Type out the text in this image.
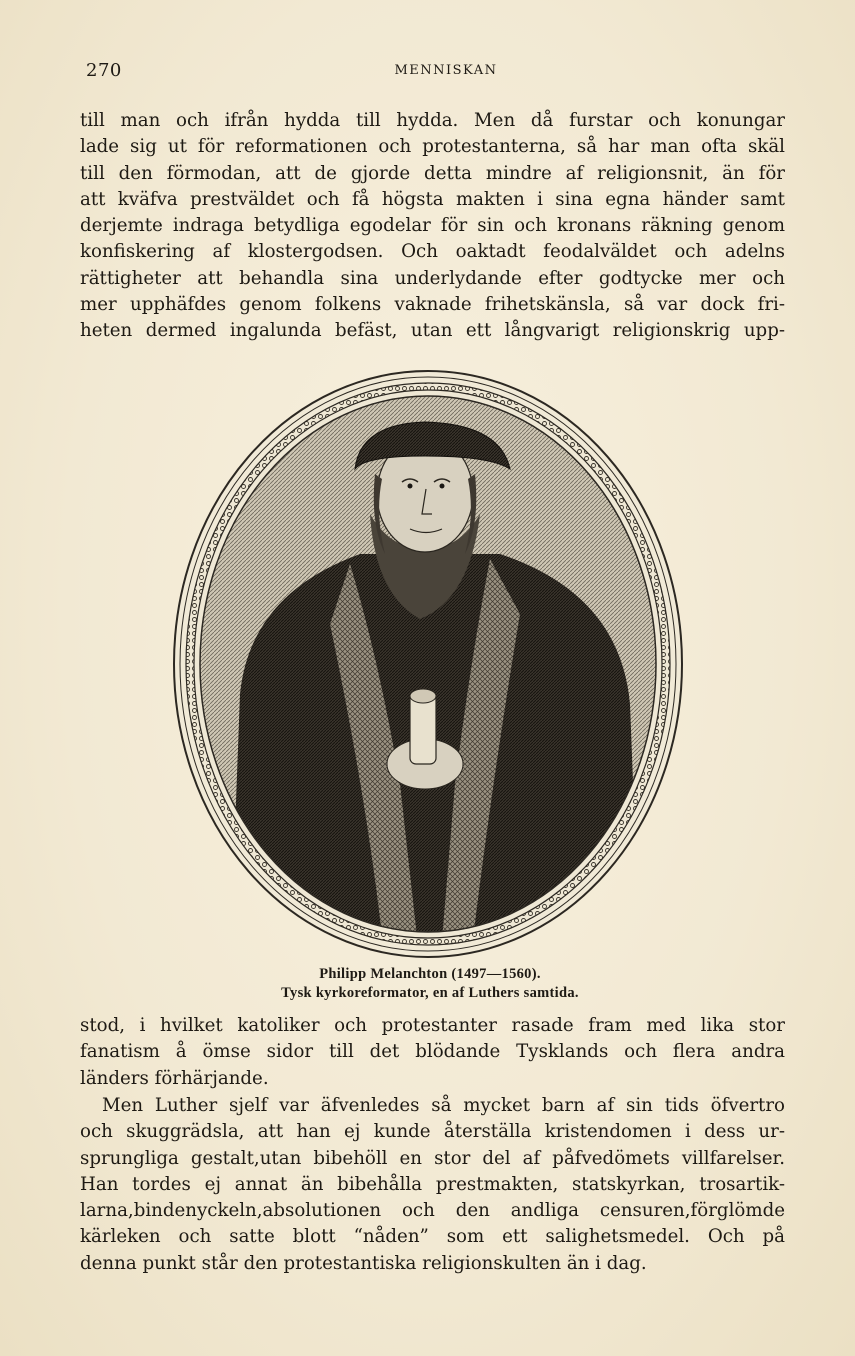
270	MENNISKAN
till man och ifrån hydda till hydda. Men då furstar och konungar
lade sig ut för reformationen och protestanterna, så har man ofta skäl
till den förmodan, att de gjorde detta mindre af religionsnit, än för
att kväfva prestväldet och få högsta makten i sina egna händer samt
derjemte indraga betydliga egodelar för sin och kronans räkning genom
konfiskering af klostergodsen. Och oaktadt feodalväldet och adelns
rättigheter att behandla sina underlydande efter godtycke mer och
mer upphäfdes genom folkens vaknade frihetskänsla, så var dock fri-
heten dermed ingalunda befäst, utan ett långvarigt religionskrig upp-
Philipp Melanchton (1497—1560).
Tysk kyrkoreformator, en af Luthers samtida.
stod, i hvilket katoliker och protestanter rasade fram med lika stor
fanatism å ömse sidor till det blödande Tysklands och flera andra
länders förhärjande.
Men Luther sjelf var äfvenledes så mycket barn af sin tids öfvertro
och skuggrädsla, att han ej kunde återställa kristendomen i dess ur-
sprungliga gestalt,utan bibehöll en stor del af påfvedömets villfarelser.
Han tordes ej annat än bibehålla prestmakten, statskyrkan, trosartik-
larna,bindenyckeln,absolutionen och den andliga censuren,förglömde
kärleken och satte blott “nåden” som ett salighetsmedel. Och på
denna punkt står den protestantiska religionskulten än i dag.
